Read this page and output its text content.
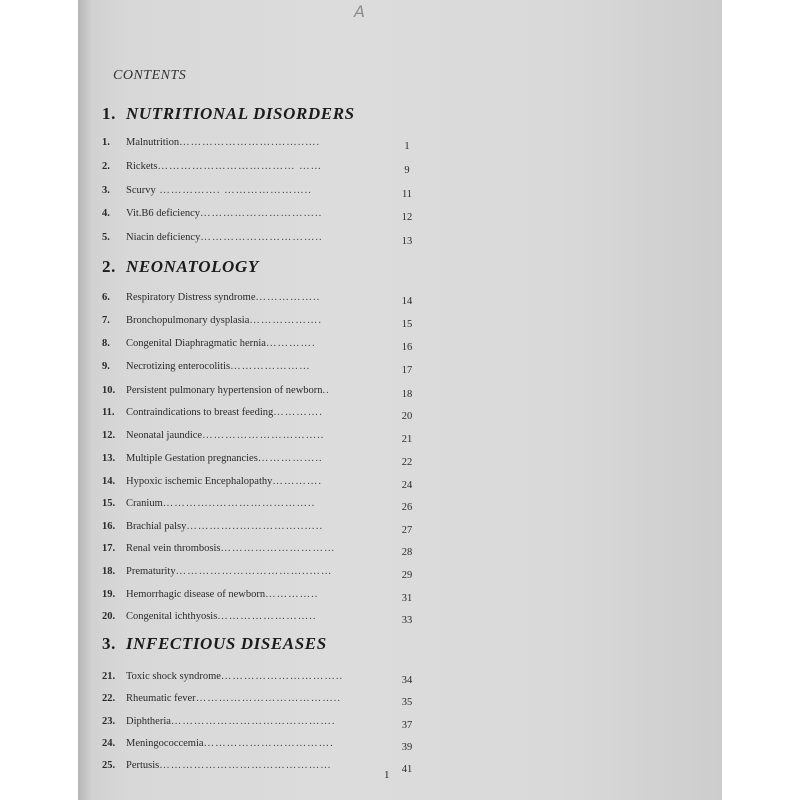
A
CONTENTS
1. NUTRITIONAL DISORDERS
2. NEONATOLOGY
3. INFECTIOUS DISEASES
1. Malnutrition…………………….……..….	1
2. Rickets……………………………… ……	9
3. Scurvy ……………. …………………..	11
4. Vit.B6 deficiency…………………………..	12
5. Niacin deficiency…………………………..	13
6. Respiratory Distress syndrome……………..	14
7. Bronchopulmonary dysplasia……………….	15
8. Congenital Diaphragmatic hernia………….	16
9. Necrotizing enterocolitis…………………	17
10. Persistent pulmonary hypertension of newborn..	18
11. Contraindications to breast feeding………….	20
12. Neonatal jaundice…………………………..	21
13. Multiple Gestation pregnancies……………..	22
14. Hypoxic ischemic Encephalopathy………….	24
15. Cranium…………..……………………..	26
16. Brachial palsy…………..……………..…..	27
17. Renal vein thrombosis…………………………	28
18. Prematurity……………………………..……	29
19. Hemorrhagic disease of newborn…………..	31
20. Congenital ichthyosis……………………..	33
21. Toxic shock syndrome…………………………..	34
22. Rheumatic fever………………………………..	35
23. Diphtheria…………………………………….	37
24. Meningococcemia…………………………….	39
25. Pertusis………………………………………	41
1
